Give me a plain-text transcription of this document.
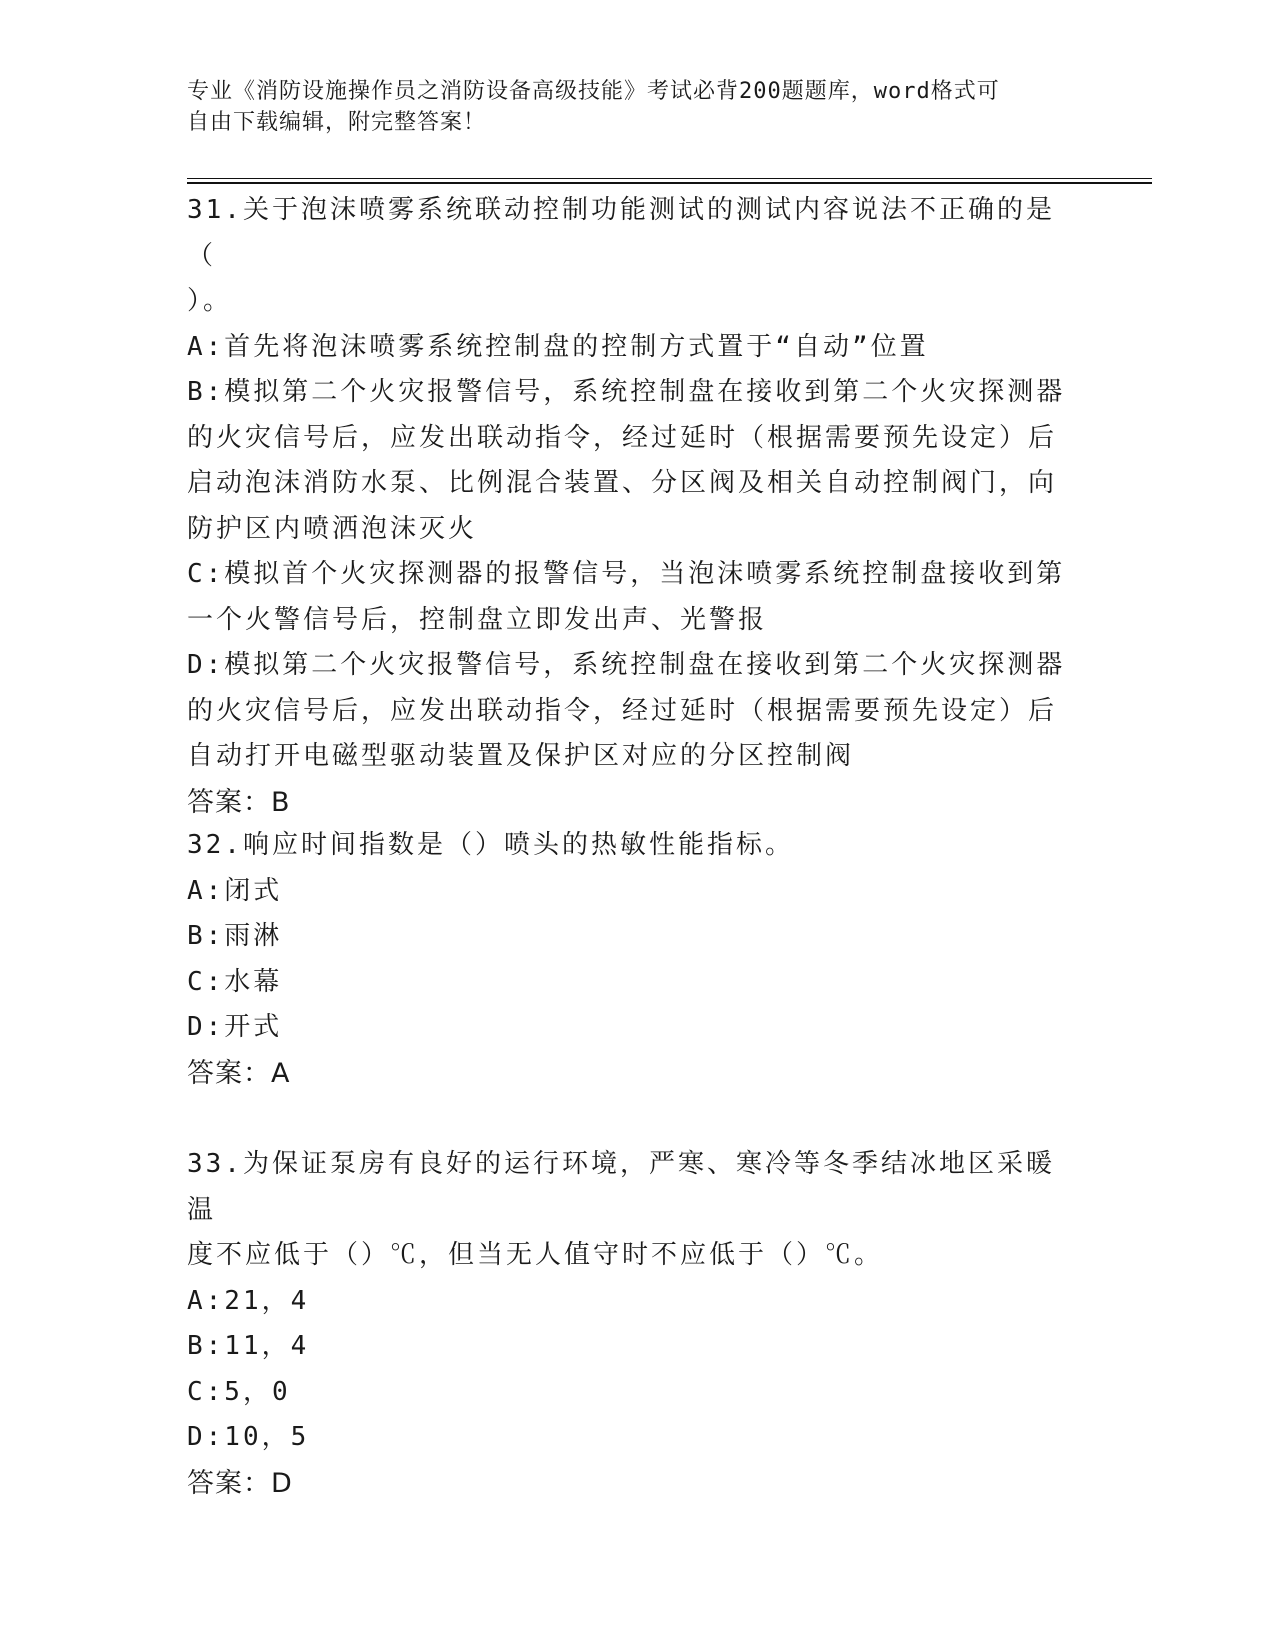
专业《消防设施操作员之消防设备高级技能》考试必背200题题库，word格式可
自由下载编辑，附完整答案！
31.关于泡沫喷雾系统联动控制功能测试的测试内容说法不正确的是（
）。
A:首先将泡沫喷雾系统控制盘的控制方式置于“自动”位置
B:模拟第二个火灾报警信号，系统控制盘在接收到第二个火灾探测器
的火灾信号后，应发出联动指令，经过延时（根据需要预先设定）后
启动泡沫消防水泵、比例混合装置、分区阀及相关自动控制阀门，向
防护区内喷洒泡沫灭火
C:模拟首个火灾探测器的报警信号，当泡沫喷雾系统控制盘接收到第
一个火警信号后，控制盘立即发出声、光警报
D:模拟第二个火灾报警信号，系统控制盘在接收到第二个火灾探测器
的火灾信号后，应发出联动指令，经过延时（根据需要预先设定）后
自动打开电磁型驱动装置及保护区对应的分区控制阀
答案：B
32.响应时间指数是（）喷头的热敏性能指标。
A:闭式
B:雨淋
C:水幕
D:开式
答案：A
33.为保证泵房有良好的运行环境，严寒、寒冷等冬季结冰地区采暖温
度不应低于（）℃，但当无人值守时不应低于（）℃。
A:21，4
B:11，4
C:5，0
D:10，5
答案：D
